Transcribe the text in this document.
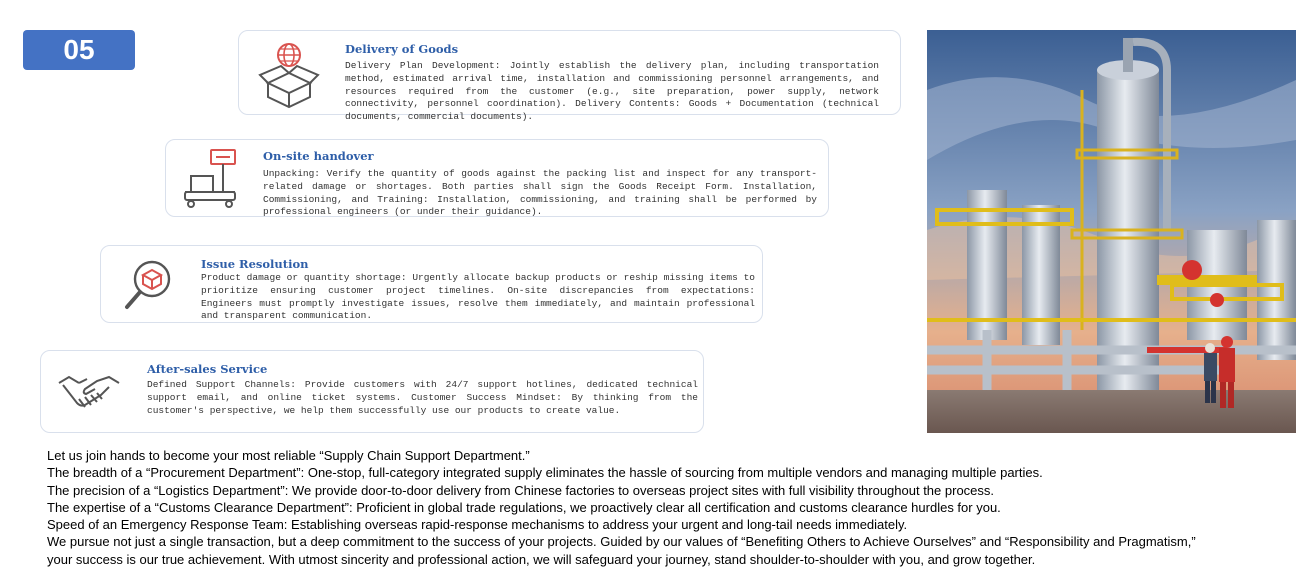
05	Delivery of Goods

Delivery Plan Development: Jointly establish the delivery plan, including transportation method, estimated arrival time, installation and commissioning personnel arrangements, and resources required from the customer (e.g., site preparation, power supply, network connectivity, personnel coordination). Delivery Contents: Goods + Documentation (technical documents, commercial documents).

On-site handover

Unpacking: Verify the quantity of goods against the packing list and inspect for any transport-related damage or shortages. Both parties shall sign the Goods Receipt Form. Installation, Commissioning, and Training: Installation, commissioning, and training shall be performed by professional engineers (or under their guidance).

Issue Resolution

Product damage or quantity shortage: Urgently allocate backup products or reship missing items to prioritize ensuring customer project timelines. On-site discrepancies from expectations: Engineers must promptly investigate issues, resolve them immediately, and maintain professional and transparent communication.

After-sales Service

Defined Support Channels: Provide customers with 24/7 support hotlines, dedicated technical support email, and online ticket systems. Customer Success Mindset: By thinking from the customer's perspective, we help them successfully use our products to create value.

Let us join hands to become your most reliable “Supply Chain Support Department.”

The breadth of a “Procurement Department”: One-stop, full-category integrated supply eliminates the hassle of sourcing from multiple vendors and managing multiple parties.

The precision of a “Logistics Department”: We provide door-to-door delivery from Chinese factories to overseas project sites with full visibility throughout the process.

The expertise of a “Customs Clearance Department”: Proficient in global trade regulations, we proactively clear all certification and customs clearance hurdles for you.

Speed of an Emergency Response Team: Establishing overseas rapid-response mechanisms to address your urgent and long-tail needs immediately.

We pursue not just a single transaction, but a deep commitment to the success of your projects. Guided by our values of “Benefiting Others to Achieve Ourselves” and “Responsibility and Pragmatism,”

your success is our true achievement. With utmost sincerity and professional action, we will safeguard your journey, stand shoulder-to-shoulder with you, and grow together.
